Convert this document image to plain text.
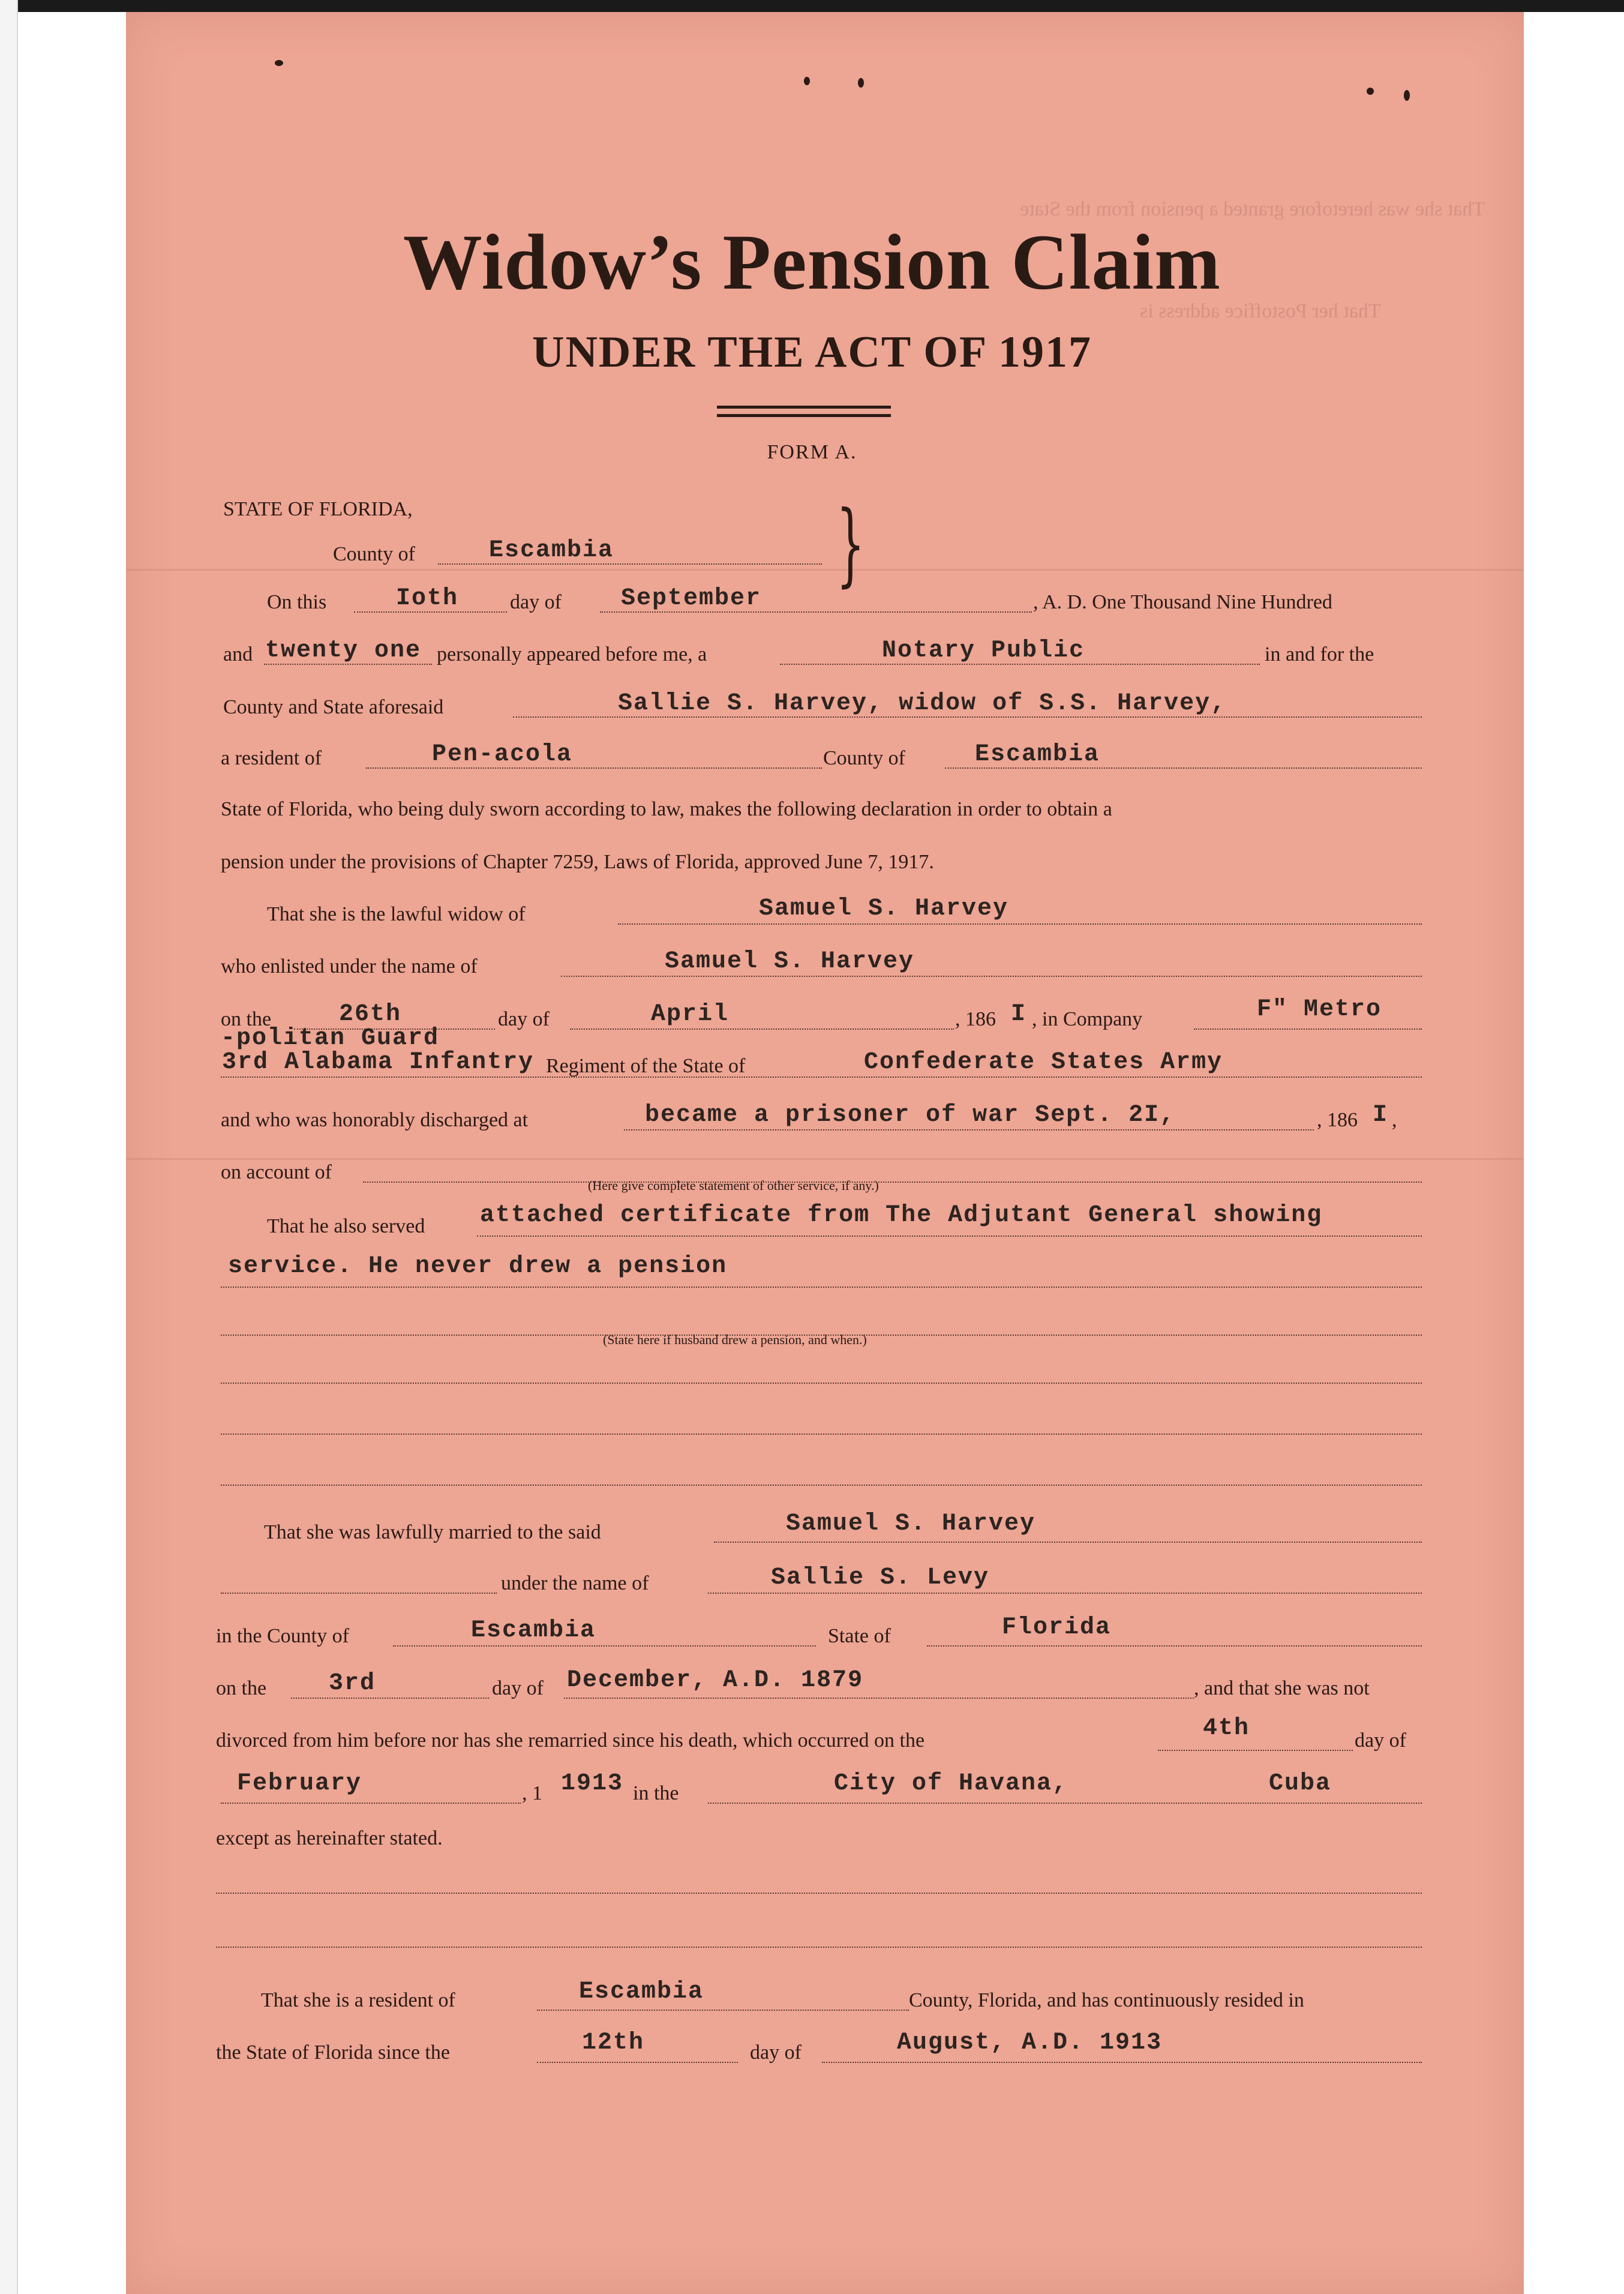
That she was heretofore granted a pension from the State
That her Postoffice address is
Widow’s Pension Claim
UNDER THE ACT OF 1917
FORM A.
STATE OF FLORIDA,
County of	Escambia }
On this	Ioth	day of September	, A. D. One Thousand Nine Hundred
and twenty one personally appeared before me, a	Notary Public	in and for the
County and State aforesaid	Sallie S. Harvey, widow of S.S. Harvey,
a resident of	Pen-acola	County of	Escambia
State of Florida, who being duly sworn according to law, makes the following declaration in order to obtain a
pension under the provisions of Chapter 7259, Laws of Florida, approved June 7, 1917.
That she is the lawful widow of	Samuel S. Harvey
who enlisted under the name of	Samuel S. Harvey
on the	26th	day of	April	, 186 I , in Company	F" Metro
-politan Guard
3rd Alabama Infantry Regiment of the State of	Confederate States Army
and who was honorably discharged at	became a prisoner of war Sept. 2I,	, 186 I ,
on account of
(Here give complete statement of other service, if any.)
That he also served attached certificate from The Adjutant General showing
service. He never drew a pension
(State here if husband drew a pension, and when.)
That she was lawfully married to the said	Samuel S. Harvey
under the name of	Sallie S. Levy
in the County of	Escambia	State of	Florida
on the	3rd	day of December, A.D. 1879	, and that she was not
divorced from him before nor has she remarried since his death, which occurred on the	4th	day of
February	, 1 1913 in the	City of Havana,	Cuba
except as hereinafter stated.
That she is a resident of	Escambia	County, Florida, and has continuously resided in
the State of Florida since the	12th	day of	August, A.D. 1913
